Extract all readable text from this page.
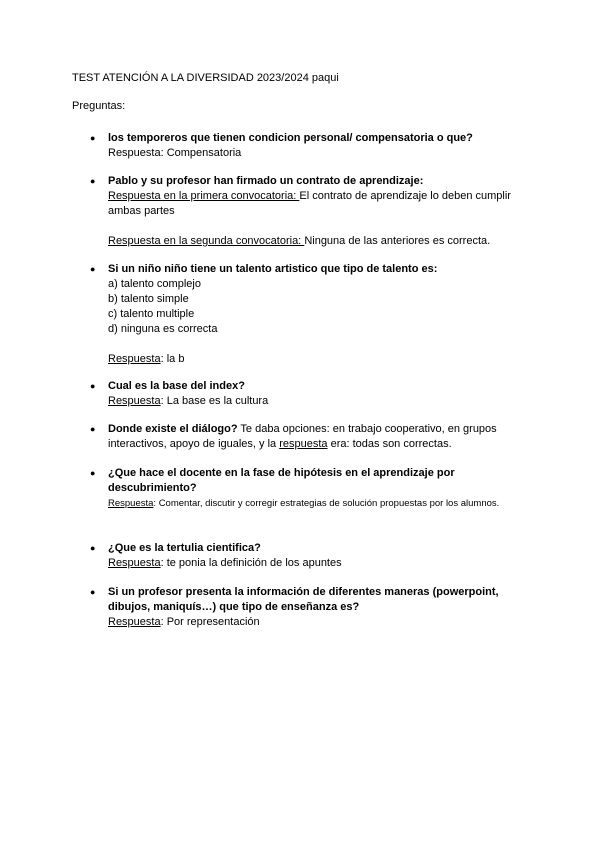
TEST ATENCIÓN A LA DIVERSIDAD 2023/2024 paqui
Preguntas:
● los temporeros que tienen condicion personal/ compensatoria o que?
Respuesta: Compensatoria
● Pablo y su profesor han firmado un contrato de aprendizaje:
Respuesta en la primera convocatoria: El contrato de aprendizaje lo deben cumplir ambas partes
Respuesta en la segunda convocatoria: Ninguna de las anteriores es correcta.
● Si un niño niño tiene un talento artistico que tipo de talento es:
a) talento complejo
b) talento simple
c) talento multiple
d) ninguna es correcta
Respuesta: la b
● Cual es la base del index?
Respuesta: La base es la cultura
● Donde existe el diálogo? Te daba opciones: en trabajo cooperativo, en grupos interactivos, apoyo de iguales, y la respuesta era: todas son correctas.
● ¿Que hace el docente en la fase de hipótesis en el aprendizaje por descubrimiento?
Respuesta: Comentar, discutir y corregir estrategias de solución propuestas por los alumnos.
● ¿Que es la tertulia cientifica?
Respuesta: te ponia la definición de los apuntes
● Si un profesor presenta la información de diferentes maneras (powerpoint, dibujos, maniquís…) que tipo de enseñanza es?
Respuesta: Por representación
